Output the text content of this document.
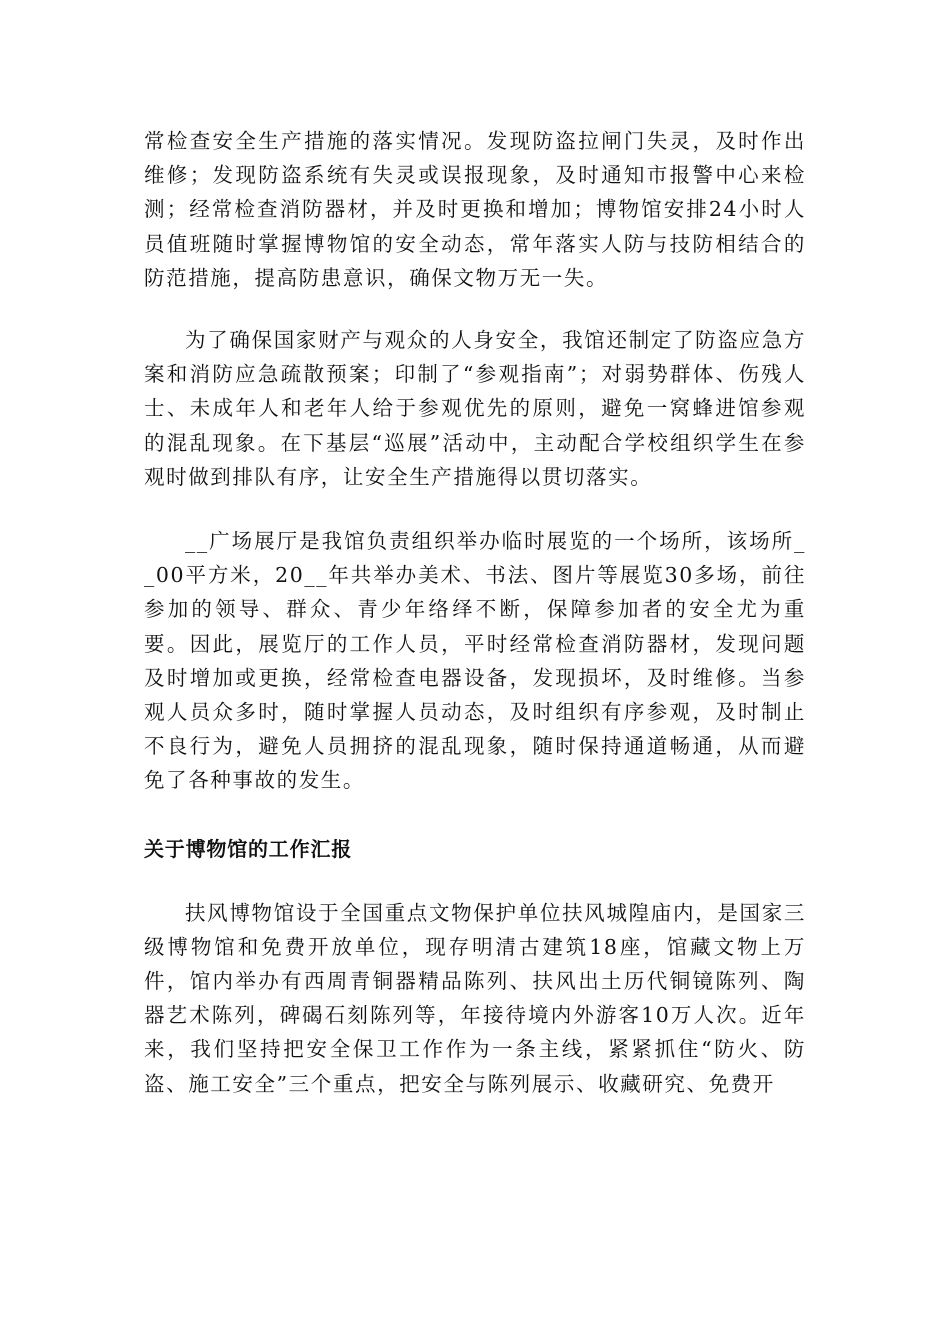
常检查安全生产措施的落实情况。发现防盗拉闸门失灵，及时作出维修；发现防盗系统有失灵或误报现象，及时通知市报警中心来检测；经常检查消防器材，并及时更换和增加；博物馆安排24小时人员值班随时掌握博物馆的安全动态，常年落实人防与技防相结合的防范措施，提高防患意识，确保文物万无一失。

为了确保国家财产与观众的人身安全，我馆还制定了防盗应急方案和消防应急疏散预案；印制了“参观指南”；对弱势群体、伤残人士、未成年人和老年人给于参观优先的原则，避免一窝蜂进馆参观的混乱现象。在下基层“巡展”活动中，主动配合学校组织学生在参观时做到排队有序，让安全生产措施得以贯切落实。

__广场展厅是我馆负责组织举办临时展览的一个场所，该场所__00平方米，20__年共举办美术、书法、图片等展览30多场，前往参加的领导、群众、青少年络绎不断，保障参加者的安全尤为重要。因此，展览厅的工作人员，平时经常检查消防器材，发现问题及时增加或更换，经常检查电器设备，发现损坏，及时维修。当参观人员众多时，随时掌握人员动态，及时组织有序参观，及时制止不良行为，避免人员拥挤的混乱现象，随时保持通道畅通，从而避免了各种事故的发生。

关于博物馆的工作汇报

扶风博物馆设于全国重点文物保护单位扶风城隍庙内，是国家三级博物馆和免费开放单位，现存明清古建筑18座，馆藏文物上万件，馆内举办有西周青铜器精品陈列、扶风出土历代铜镜陈列、陶器艺术陈列，碑碣石刻陈列等，年接待境内外游客10万人次。近年来，我们坚持把安全保卫工作作为一条主线，紧紧抓住“防火、防盗、施工安全”三个重点，把安全与陈列展示、收藏研究、免费开
